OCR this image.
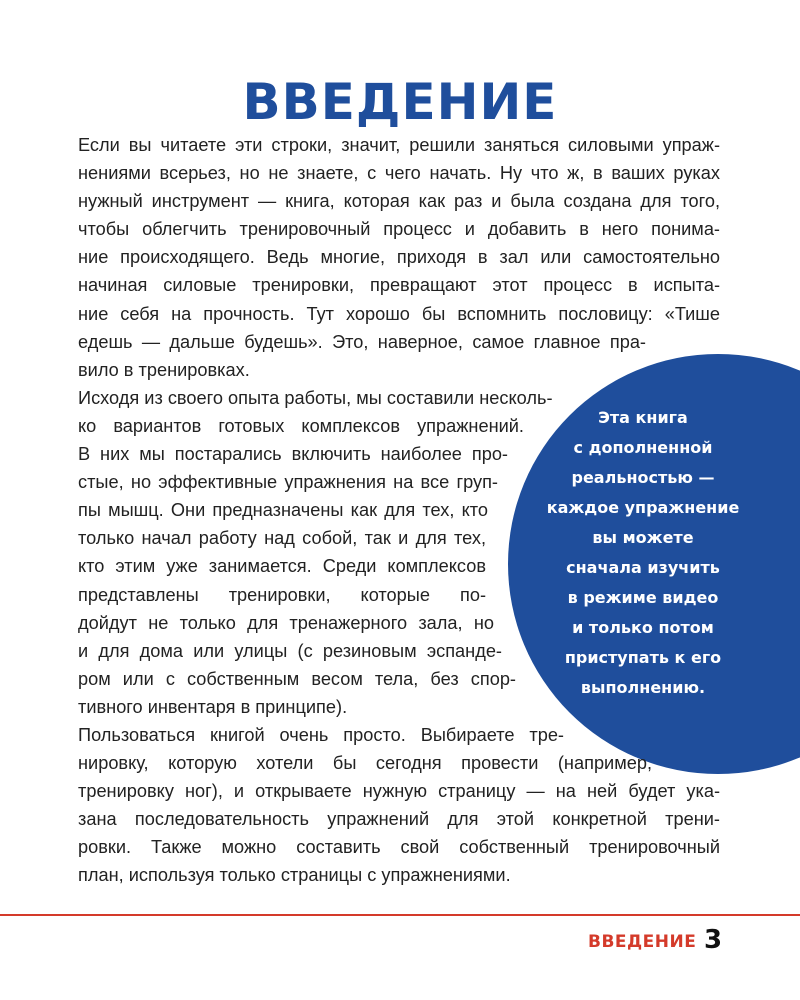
ВВЕДЕНИЕ
Если вы читаете эти строки, значит, решили заняться силовыми упраж-
нениями всерьез, но не знаете, с чего начать. Ну что ж, в ваших руках
нужный инструмент — книга, которая как раз и была создана для того,
чтобы облегчить тренировочный процесс и добавить в него понима-
ние происходящего. Ведь многие, приходя в зал или самостоятельно
начиная силовые тренировки, превращают этот процесс в испыта-
ние себя на прочность. Тут хорошо бы вспомнить пословицу: «Тише
едешь — дальше будешь». Это, наверное, самое главное пра-
вило в тренировках.
Исходя из своего опыта работы, мы составили несколь-
ко вариантов готовых комплексов упражнений.
В них мы постарались включить наиболее про-
стые, но эффективные упражнения на все груп-
пы мышц. Они предназначены как для тех, кто
только начал работу над собой, так и для тех,
кто этим уже занимается. Среди комплексов
представлены тренировки, которые по-
дойдут не только для тренажерного зала, но
и для дома или улицы (с резиновым эспанде-
ром или с собственным весом тела, без спор-
тивного инвентаря в принципе).
Пользоваться книгой очень просто. Выбираете тре-
нировку, которую хотели бы сегодня провести (например,
тренировку ног), и открываете нужную страницу — на ней будет ука-
зана последовательность упражнений для этой конкретной трени-
ровки. Также можно составить свой собственный тренировочный
план, используя только страницы с упражнениями.
Эта книга
с дополненной
реальностью —
каждое упражнение
вы можете
сначала изучить
в режиме видео
и только потом
приступать к его
выполнению.
ВВЕДЕНИЕ 3
